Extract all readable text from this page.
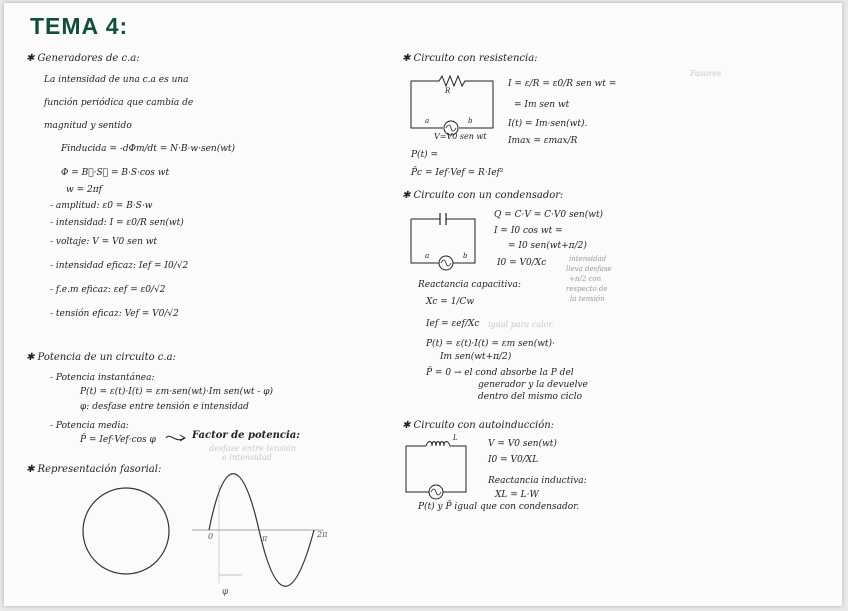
TEMA 4:
✱ Generadores de c.a:
La intensidad de una c.a es una
función periódica que cambia de
magnitud y sentido
Finducida = -dΦm/dt = N·B·w·sen(wt)
Φ = B⃗·S⃗ = B·S·cos wt
w = 2πf
- amplitud: ε0 = B·S·w
- intensidad: I = ε0/R sen(wt)
- voltaje: V = V0 sen wt
- intensidad eficaz: Ief = I0/√2
- f.e.m eficaz: εef = ε0/√2
- tensión eficaz: Vef = V0/√2
✱ Potencia de un circuito c.a:
- Potencia instantánea:
P(t) = ε(t)·I(t) = εm·sen(wt)·Im sen(wt - φ)
φ: desfase entre tensión e intensidad
- Potencia media:
P̄ = Ief·Vef·cos φ	Factor de potencia:
desfase entre tensión
e intensidad
✱ Representación fasorial:
0	π	2π
φ
✱ Circuito con resistencia:
R
a	b
V=V0 sen wt
I = ε/R = ε0/R sen wt =
= Im sen wt
I(t) = Im·sen(wt).
Imax = εmax/R
P(t) =
P̄c = Ief·Vef = R·Ief²
✱ Circuito con un condensador:
a	b
Q = C·V = C·V0 sen(wt)
I = I0 cos wt =
= I0 sen(wt+π/2)
I0 = V0/Xc	intensidad
lleva desfase
+π/2 con
respecto de
la tensión
Reactancia capacitiva:
Xc = 1/Cw
Ief = εef/Xc igual para calor
P(t) = ε(t)·I(t) = εm sen(wt)·
Im sen(wt+π/2)
P̄ = 0 → el cond absorbe la P del
generador y la devuelve
dentro del mismo ciclo
✱ Circuito con autoinducción:
L
V = V0 sen(wt)
I0 = V0/XL
Reactancia inductiva:
XL = L·W
P(t) y P̄ igual que con condensador.
Fasores
